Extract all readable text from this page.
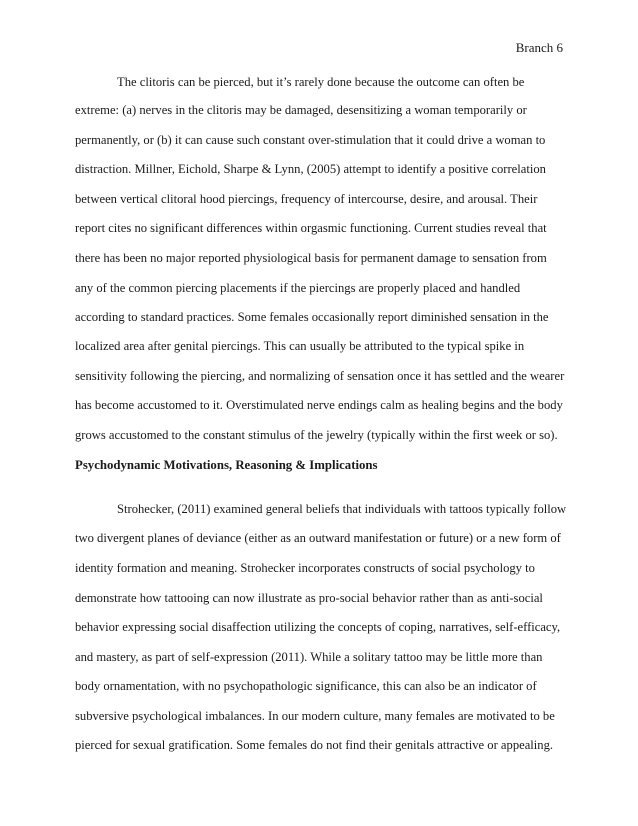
Branch 6
The clitoris can be pierced, but it’s rarely done because the outcome can often be
extreme: (a) nerves in the clitoris may be damaged, desensitizing a woman temporarily or
permanently, or (b) it can cause such constant over-stimulation that it could drive a woman to
distraction. Millner, Eichold, Sharpe & Lynn, (2005) attempt to identify a positive correlation
between vertical clitoral hood piercings, frequency of intercourse, desire, and arousal. Their
report cites no significant differences within orgasmic functioning. Current studies reveal that
there has been no major reported physiological basis for permanent damage to sensation from
any of the common piercing placements if the piercings are properly placed and handled
according to standard practices. Some females occasionally report diminished sensation in the
localized area after genital piercings. This can usually be attributed to the typical spike in
sensitivity following the piercing, and normalizing of sensation once it has settled and the wearer
has become accustomed to it. Overstimulated nerve endings calm as healing begins and the body
grows accustomed to the constant stimulus of the jewelry (typically within the first week or so).
Psychodynamic Motivations, Reasoning & Implications
Strohecker, (2011) examined general beliefs that individuals with tattoos typically follow
two divergent planes of deviance (either as an outward manifestation or future) or a new form of
identity formation and meaning. Strohecker incorporates constructs of social psychology to
demonstrate how tattooing can now illustrate as pro-social behavior rather than as anti-social
behavior expressing social disaffection utilizing the concepts of coping, narratives, self-efficacy,
and mastery, as part of self-expression (2011). While a solitary tattoo may be little more than
body ornamentation, with no psychopathologic significance, this can also be an indicator of
subversive psychological imbalances. In our modern culture, many females are motivated to be
pierced for sexual gratification. Some females do not find their genitals attractive or appealing.
